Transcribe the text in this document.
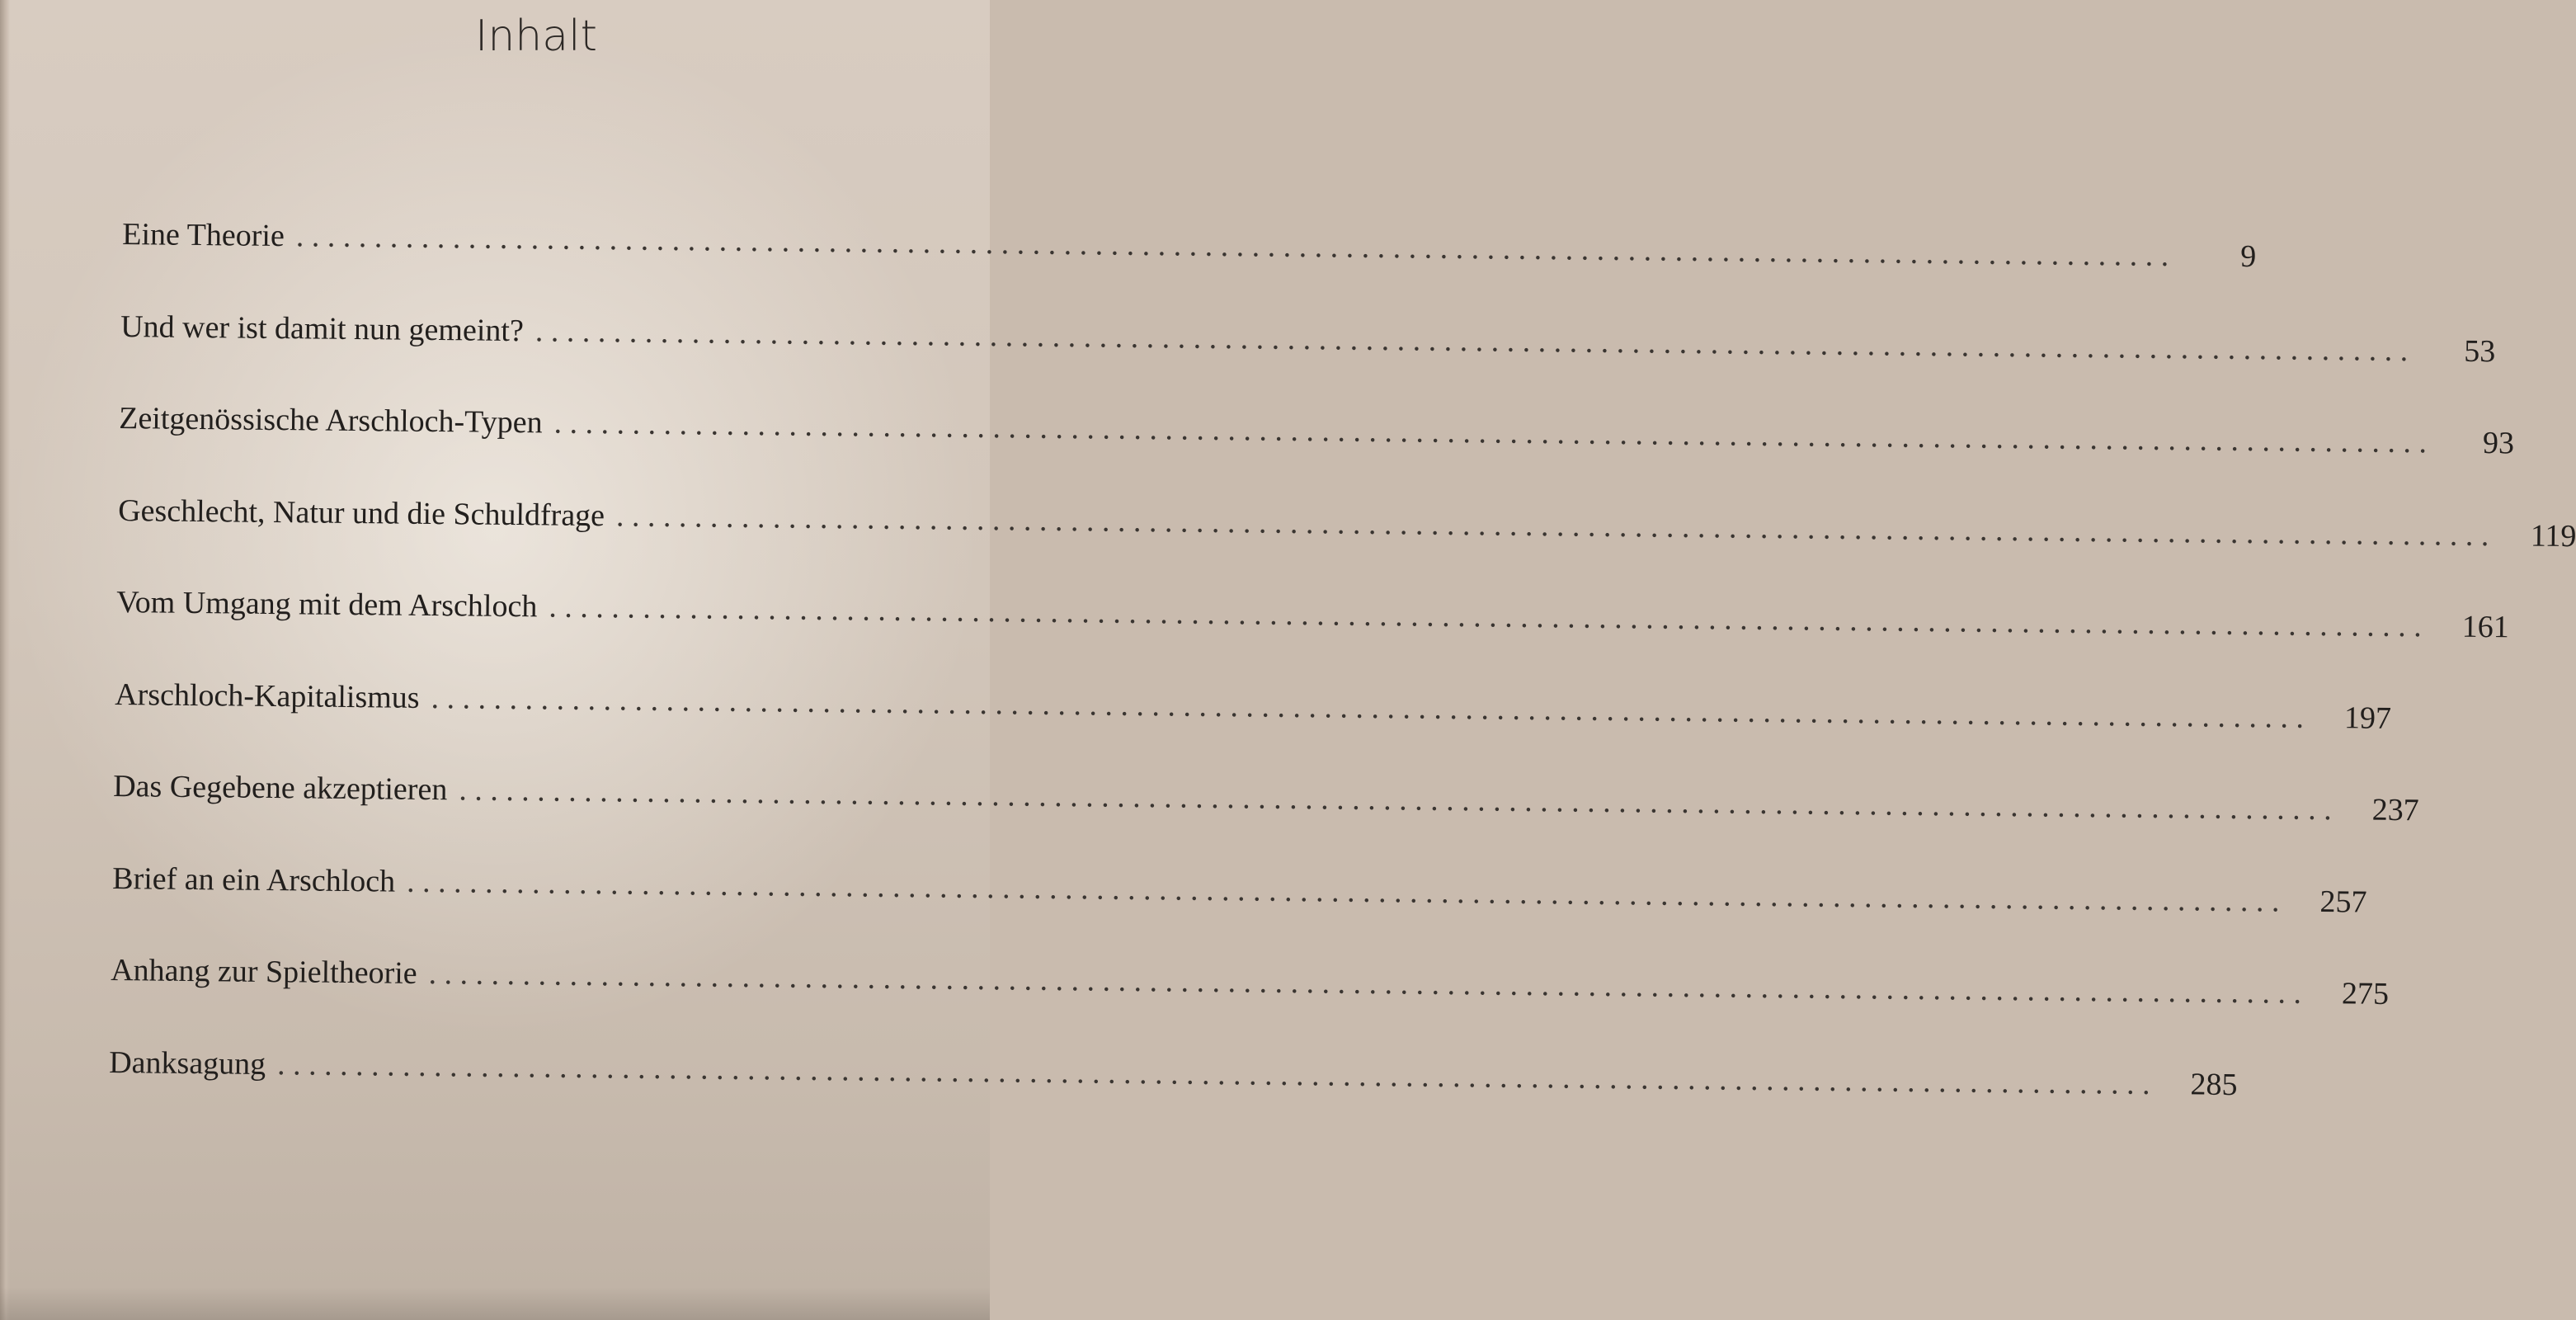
Inhalt
Eine Theorie . . . . . . . . . . . . . . . . . . . . . . . . . . . . . . . . . . . . . . . . . . . . . . . . . . . . . . . . . . . . . . . . . . . . . . . . . . . . . . . . . . . . . . . . . . . . . . . . . . . . . . . . . . . . . . . . . . . . . . . .	9
Und wer ist damit nun gemeint? . . . . . . . . . . . . . . . . . . . . . . . . . . . . . . . . . . . . . . . . . . . . . . . . . . . . . . . . . . . . . . . . . . . . . . . . . . . . . . . . . . . . . . . . . . . . . . . . . . . . . . . . . . . . . . . . . . . . . . . .	53
Zeitgenössische Arschloch-Typen . . . . . . . . . . . . . . . . . . . . . . . . . . . . . . . . . . . . . . . . . . . . . . . . . . . . . . . . . . . . . . . . . . . . . . . . . . . . . . . . . . . . . . . . . . . . . . . . . . . . . . . . . . . . . . . . . . . . . . . .	93
Geschlecht, Natur und die Schuldfrage . . . . . . . . . . . . . . . . . . . . . . . . . . . . . . . . . . . . . . . . . . . . . . . . . . . . . . . . . . . . . . . . . . . . . . . . . . . . . . . . . . . . . . . . . . . . . . . . . . . . . . . . . . . . . . . . . . . . . . . .	119
Vom Umgang mit dem Arschloch . . . . . . . . . . . . . . . . . . . . . . . . . . . . . . . . . . . . . . . . . . . . . . . . . . . . . . . . . . . . . . . . . . . . . . . . . . . . . . . . . . . . . . . . . . . . . . . . . . . . . . . . . . . . . . . . . . . . . . . .	161
Arschloch-Kapitalismus . . . . . . . . . . . . . . . . . . . . . . . . . . . . . . . . . . . . . . . . . . . . . . . . . . . . . . . . . . . . . . . . . . . . . . . . . . . . . . . . . . . . . . . . . . . . . . . . . . . . . . . . . . . . . . . . . . . . . . . .	197
Das Gegebene akzeptieren . . . . . . . . . . . . . . . . . . . . . . . . . . . . . . . . . . . . . . . . . . . . . . . . . . . . . . . . . . . . . . . . . . . . . . . . . . . . . . . . . . . . . . . . . . . . . . . . . . . . . . . . . . . . . . . . . . . . . . . .	237
Brief an ein Arschloch . . . . . . . . . . . . . . . . . . . . . . . . . . . . . . . . . . . . . . . . . . . . . . . . . . . . . . . . . . . . . . . . . . . . . . . . . . . . . . . . . . . . . . . . . . . . . . . . . . . . . . . . . . . . . . . . . . . . . . . .	257
Anhang zur Spieltheorie . . . . . . . . . . . . . . . . . . . . . . . . . . . . . . . . . . . . . . . . . . . . . . . . . . . . . . . . . . . . . . . . . . . . . . . . . . . . . . . . . . . . . . . . . . . . . . . . . . . . . . . . . . . . . . . . . . . . . . . .	275
Danksagung . . . . . . . . . . . . . . . . . . . . . . . . . . . . . . . . . . . . . . . . . . . . . . . . . . . . . . . . . . . . . . . . . . . . . . . . . . . . . . . . . . . . . . . . . . . . . . . . . . . . . . . . . . . . . . . . . . . . . . . .	285
